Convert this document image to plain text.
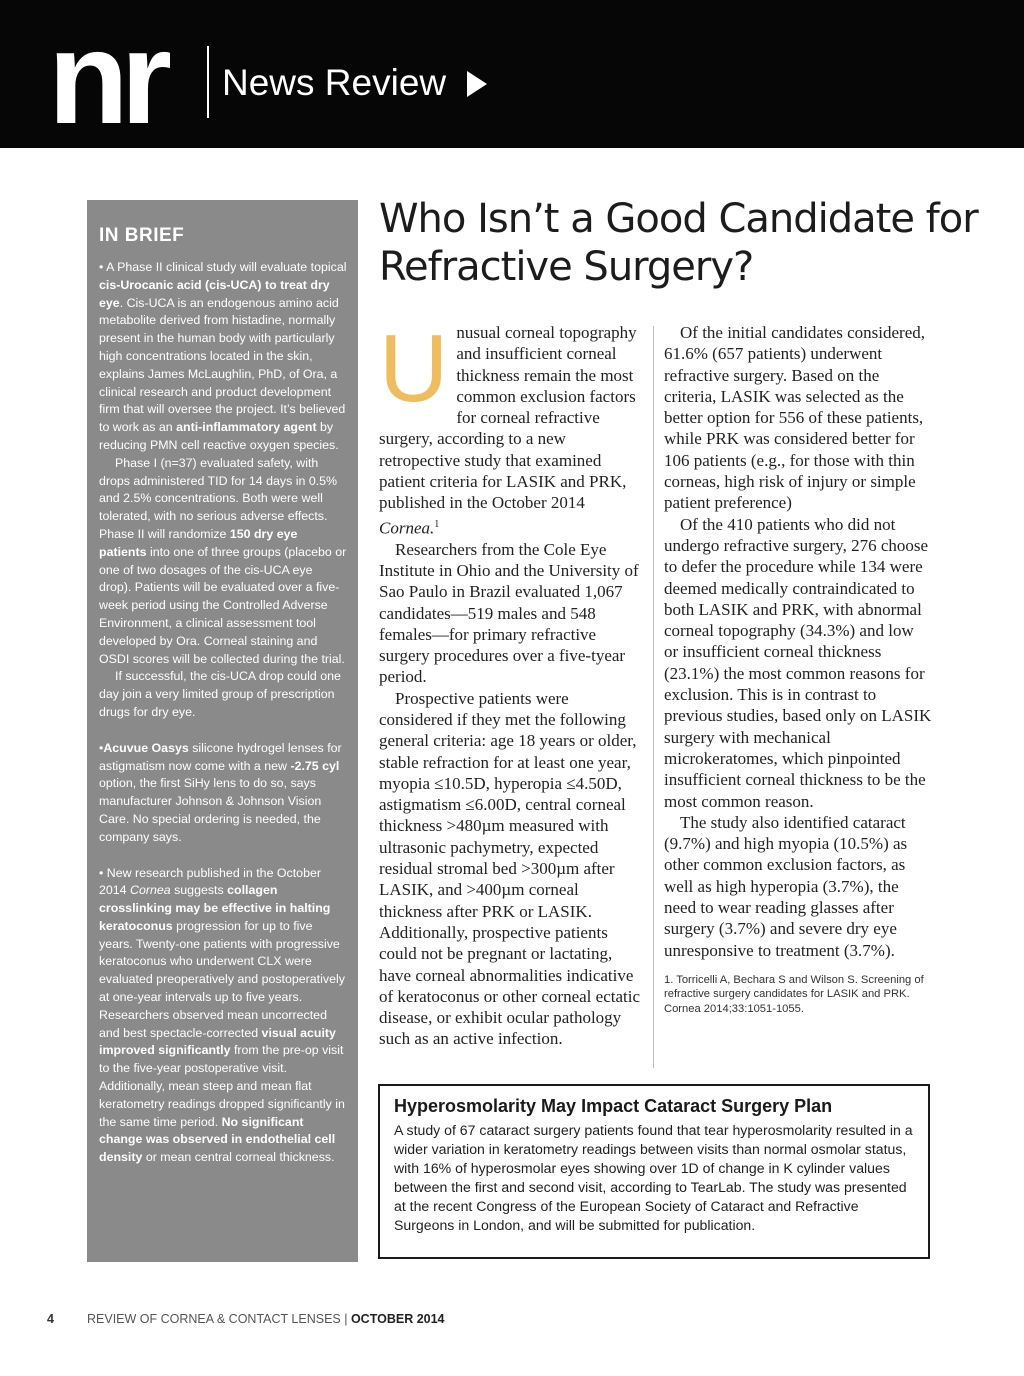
nr News Review
IN BRIEF

• A Phase II clinical study will evaluate topical cis-Urocanic acid (cis-UCA) to treat dry eye. Cis-UCA is an endogenous amino acid metabolite derived from histadine, normally present in the human body with particularly high concentrations located in the skin, explains James McLaughlin, PhD, of Ora, a clinical research and product development firm that will oversee the project. It’s believed to work as an anti-inflammatory agent by reducing PMN cell reactive oxygen species.
Phase I (n=37) evaluated safety, with drops administered TID for 14 days in 0.5% and 2.5% concentrations. Both were well tolerated, with no serious adverse effects. Phase II will randomize 150 dry eye patients into one of three groups (placebo or one of two dosages of the cis-UCA eye drop). Patients will be evaluated over a five-week period using the Controlled Adverse Environment, a clinical assessment tool developed by Ora. Corneal staining and OSDI scores will be collected during the trial.
If successful, the cis-UCA drop could one day join a very limited group of prescription drugs for dry eye.

•Acuvue Oasys silicone hydrogel lenses for astigmatism now come with a new -2.75 cyl option, the first SiHy lens to do so, says manufacturer Johnson & Johnson Vision Care. No special ordering is needed, the company says.

• New research published in the October 2014 Cornea suggests collagen crosslinking may be effective in halting keratoconus progression for up to five years. Twenty-one patients with progressive keratoconus who underwent CLX were evaluated preoperatively and postoperatively at one-year intervals up to five years. Researchers observed mean uncorrected and best spectacle-corrected visual acuity improved significantly from the pre-op visit to the five-year postoperative visit. Additionally, mean steep and mean flat keratometry readings dropped significantly in the same time period. No significant change was observed in endothelial cell density or mean central corneal thickness.

Who Isn’t a Good Candidate for Refractive Surgery?

Unusual corneal topography and insufficient corneal thickness remain the most common exclusion factors for corneal refractive surgery, according to a new retropective study that examined patient criteria for LASIK and PRK, published in the October 2014 Cornea.$^1$

Researchers from the Cole Eye Institute in Ohio and the University of Sao Paulo in Brazil evaluated 1,067 candidates—519 males and 548 females—for primary refractive surgery procedures over a five-tyear period.

Prospective patients were considered if they met the following general criteria: age 18 years or older, stable refraction for at least one year, myopia ≤10.5D, hyperopia ≤4.50D, astigmatism ≤6.00D, central corneal thickness >480µm measured with ultrasonic pachymetry, expected residual stromal bed >300µm after LASIK, and >400µm corneal thickness after PRK or LASIK. Additionally, prospective patients could not be pregnant or lactating, have corneal abnormalities indicative of keratoconus or other corneal ectatic disease, or exhibit ocular pathology such as an active infection.

Of the initial candidates considered, 61.6% (657 patients) underwent refractive surgery. Based on the criteria, LASIK was selected as the better option for 556 of these patients, while PRK was considered better for 106 patients (e.g., for those with thin corneas, high risk of injury or simple patient preference)

Of the 410 patients who did not undergo refractive surgery, 276 choose to defer the procedure while 134 were deemed medically contraindicated to both LASIK and PRK, with abnormal corneal topography (34.3%) and low or insufficient corneal thickness (23.1%) the most common reasons for exclusion. This is in contrast to previous studies, based only on LASIK surgery with mechanical microkeratomes, which pinpointed insufficient corneal thickness to be the most common reason.

The study also identified cataract (9.7%) and high myopia (10.5%) as other common exclusion factors, as well as high hyperopia (3.7%), the need to wear reading glasses after surgery (3.7%) and severe dry eye unresponsive to treatment (3.7%).

1. Torricelli A, Bechara S and Wilson S. Screening of refractive surgery candidates for LASIK and PRK. Cornea 2014;33:1051-1055.

Hyperosmolarity May Impact Cataract Surgery Plan

A study of 67 cataract surgery patients found that tear hyperosmolarity resulted in a wider variation in keratometry readings between visits than normal osmolar status, with 16% of hyperosmolar eyes showing over 1D of change in K cylinder values between the first and second visit, according to TearLab. The study was presented at the recent Congress of the European Society of Cataract and Refractive Surgeons in London, and will be submitted for publication.

4	REVIEW OF CORNEA & CONTACT LENSES | OCTOBER 2014
